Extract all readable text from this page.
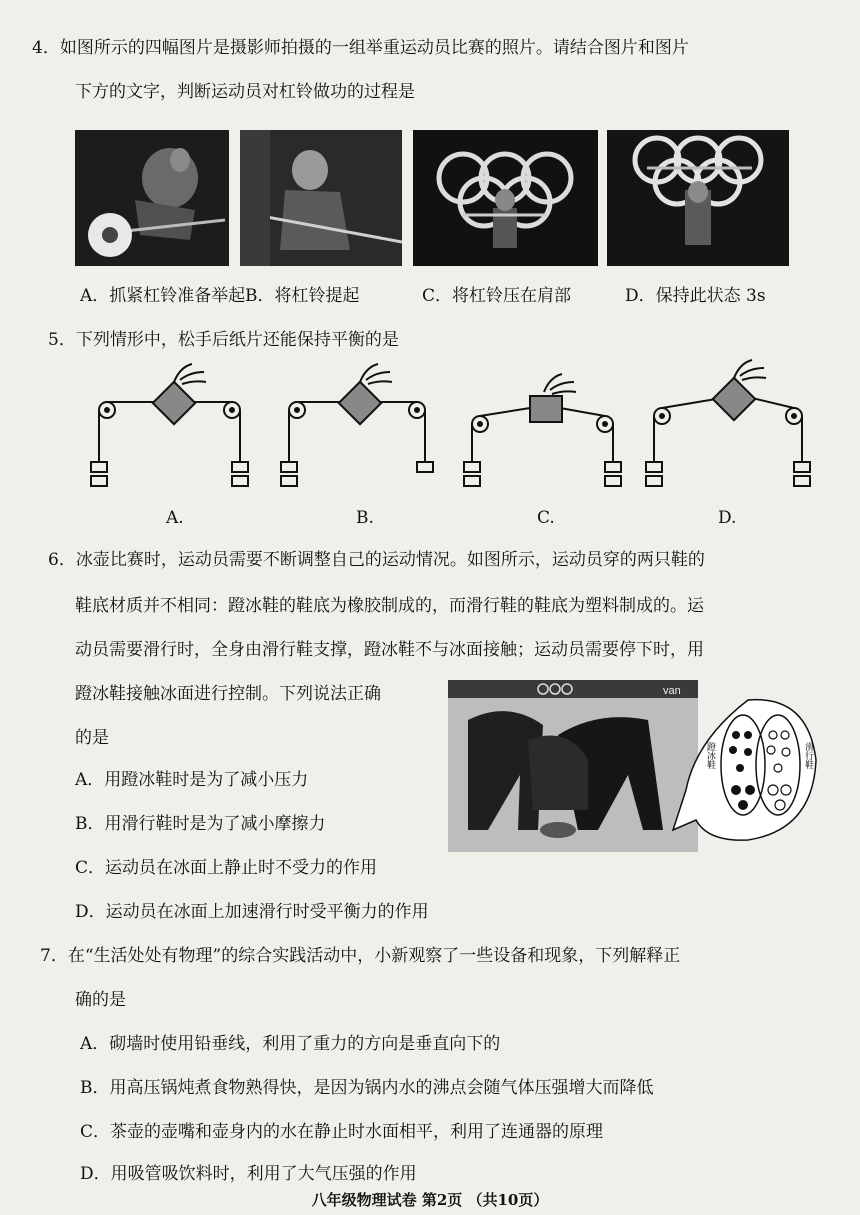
4．如图所示的四幅图片是摄影师拍摄的一组举重运动员比赛的照片。请结合图片和图片
下方的文字，判断运动员对杠铃做功的过程是
A．抓紧杠铃准备举起 B．将杠铃提起	C．将杠铃压在肩部	D．保持此状态 3s
5．下列情形中，松手后纸片还能保持平衡的是
A.	B.	C.	D.
6．冰壶比赛时，运动员需要不断调整自己的运动情况。如图所示，运动员穿的两只鞋的
鞋底材质并不相同：蹬冰鞋的鞋底为橡胶制成的，而滑行鞋的鞋底为塑料制成的。运
动员需要滑行时，全身由滑行鞋支撑，蹬冰鞋不与冰面接触；运动员需要停下时，用
蹬冰鞋接触冰面进行控制。下列说法正确
的是
van
蹬冰鞋	滑行鞋
A．用蹬冰鞋时是为了减小压力
B．用滑行鞋时是为了减小摩擦力
C．运动员在冰面上静止时不受力的作用
D．运动员在冰面上加速滑行时受平衡力的作用
7．在“生活处处有物理”的综合实践活动中，小新观察了一些设备和现象，下列解释正
确的是
A．砌墙时使用铅垂线，利用了重力的方向是垂直向下的
B．用高压锅炖煮食物熟得快，是因为锅内水的沸点会随气体压强增大而降低
C．茶壶的壶嘴和壶身内的水在静止时水面相平，利用了连通器的原理
D．用吸管吸饮料时，利用了大气压强的作用
八年级物理试卷 第2页 （共10页）
